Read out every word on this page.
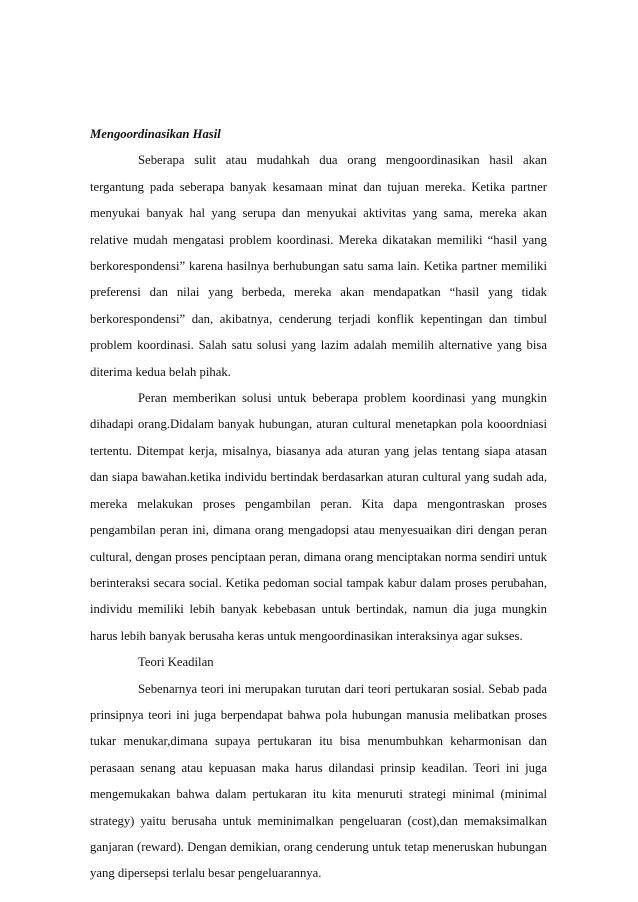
Mengoordinasikan Hasil

Seberapa sulit atau mudahkah dua orang mengoordinasikan hasil akan tergantung pada seberapa banyak kesamaan minat dan tujuan mereka. Ketika partner menyukai banyak hal yang serupa dan menyukai aktivitas yang sama, mereka akan relative mudah mengatasi problem koordinasi. Mereka dikatakan memiliki “hasil yang berkorespondensi” karena hasilnya berhubungan satu sama lain. Ketika partner memiliki preferensi dan nilai yang berbeda, mereka akan mendapatkan “hasil yang tidak berkorespondensi” dan, akibatnya, cenderung terjadi konflik kepentingan dan timbul problem koordinasi. Salah satu solusi yang lazim adalah memilih alternative yang bisa diterima kedua belah pihak.

Peran memberikan solusi untuk beberapa problem koordinasi yang mungkin dihadapi orang.Didalam banyak hubungan, aturan cultural menetapkan pola kooordniasi tertentu. Ditempat kerja, misalnya, biasanya ada aturan yang jelas tentang siapa atasan dan siapa bawahan.ketika individu bertindak berdasarkan aturan cultural yang sudah ada, mereka melakukan proses pengambilan peran. Kita dapa mengontraskan proses pengambilan peran ini, dimana orang mengadopsi atau menyesuaikan diri dengan peran cultural, dengan proses penciptaan peran, dimana orang menciptakan norma sendiri untuk berinteraksi secara social. Ketika pedoman social tampak kabur dalam proses perubahan, individu memiliki lebih banyak kebebasan untuk bertindak, namun dia juga mungkin harus lebih banyak berusaha keras untuk mengoordinasikan interaksinya agar sukses.

Teori Keadilan

Sebenarnya teori ini merupakan turutan dari teori pertukaran sosial. Sebab pada prinsipnya teori ini juga berpendapat bahwa pola hubungan manusia melibatkan proses tukar menukar,dimana supaya pertukaran itu bisa menumbuhkan keharmonisan dan perasaan senang atau kepuasan maka harus dilandasi prinsip keadilan. Teori ini juga mengemukakan bahwa dalam pertukaran itu kita menuruti strategi minimal (minimal strategy) yaitu berusaha untuk meminimalkan pengeluaran (cost),dan memaksimalkan ganjaran (reward). Dengan demikian, orang cenderung untuk tetap meneruskan hubungan yang dipersepsi terlalu besar pengeluarannya.
